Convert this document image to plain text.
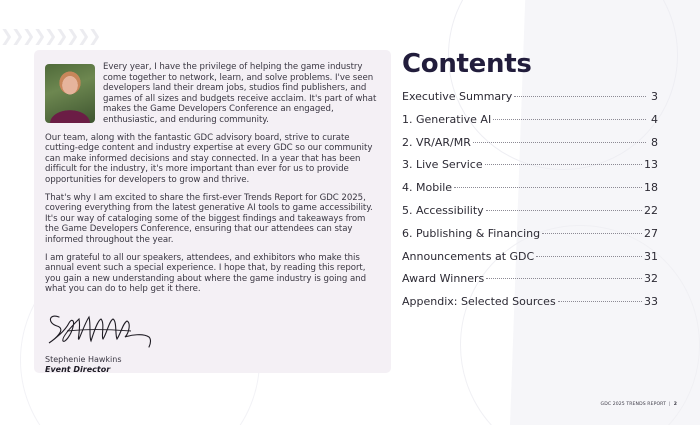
❯
❯
❯
❯
❯
❯
❯
❯
❯

Every year, I have the privilege of helping the game industry come together to network, learn, and solve problems. I've seen developers land their dream jobs, studios find publishers, and games of all sizes and budgets receive acclaim. It's part of what makes the Game Developers Conference an engaged, enthusiastic, and enduring community.

Our team, along with the fantastic GDC advisory board, strive to curate cutting-edge content and industry expertise at every GDC so our community can make informed decisions and stay connected. In a year that has been difficult for the industry, it's more important than ever for us to provide opportunities for developers to grow and thrive.

That's why I am excited to share the first-ever Trends Report for GDC 2025, covering everything from the latest generative AI tools to game accessibility. It's our way of cataloging some of the biggest findings and takeaways from the Game Developers Conference, ensuring that our attendees can stay informed throughout the year.

I am grateful to all our speakers, attendees, and exhibitors who make this annual event such a special experience. I hope that, by reading this report, you gain a new understanding about where the game industry is going and what you can do to help get it there.

Stephenie Hawkins
Event Director
Contents
Executive Summary	3
1. Generative AI	4
2. VR/AR/MR	8
3. Live Service	13
4. Mobile	18
5. Accessibility	22
6. Publishing & Financing	27
Announcements at GDC	31
Award Winners	32
Appendix: Selected Sources	33
GDC 2025 TRENDS REPORT | 2
